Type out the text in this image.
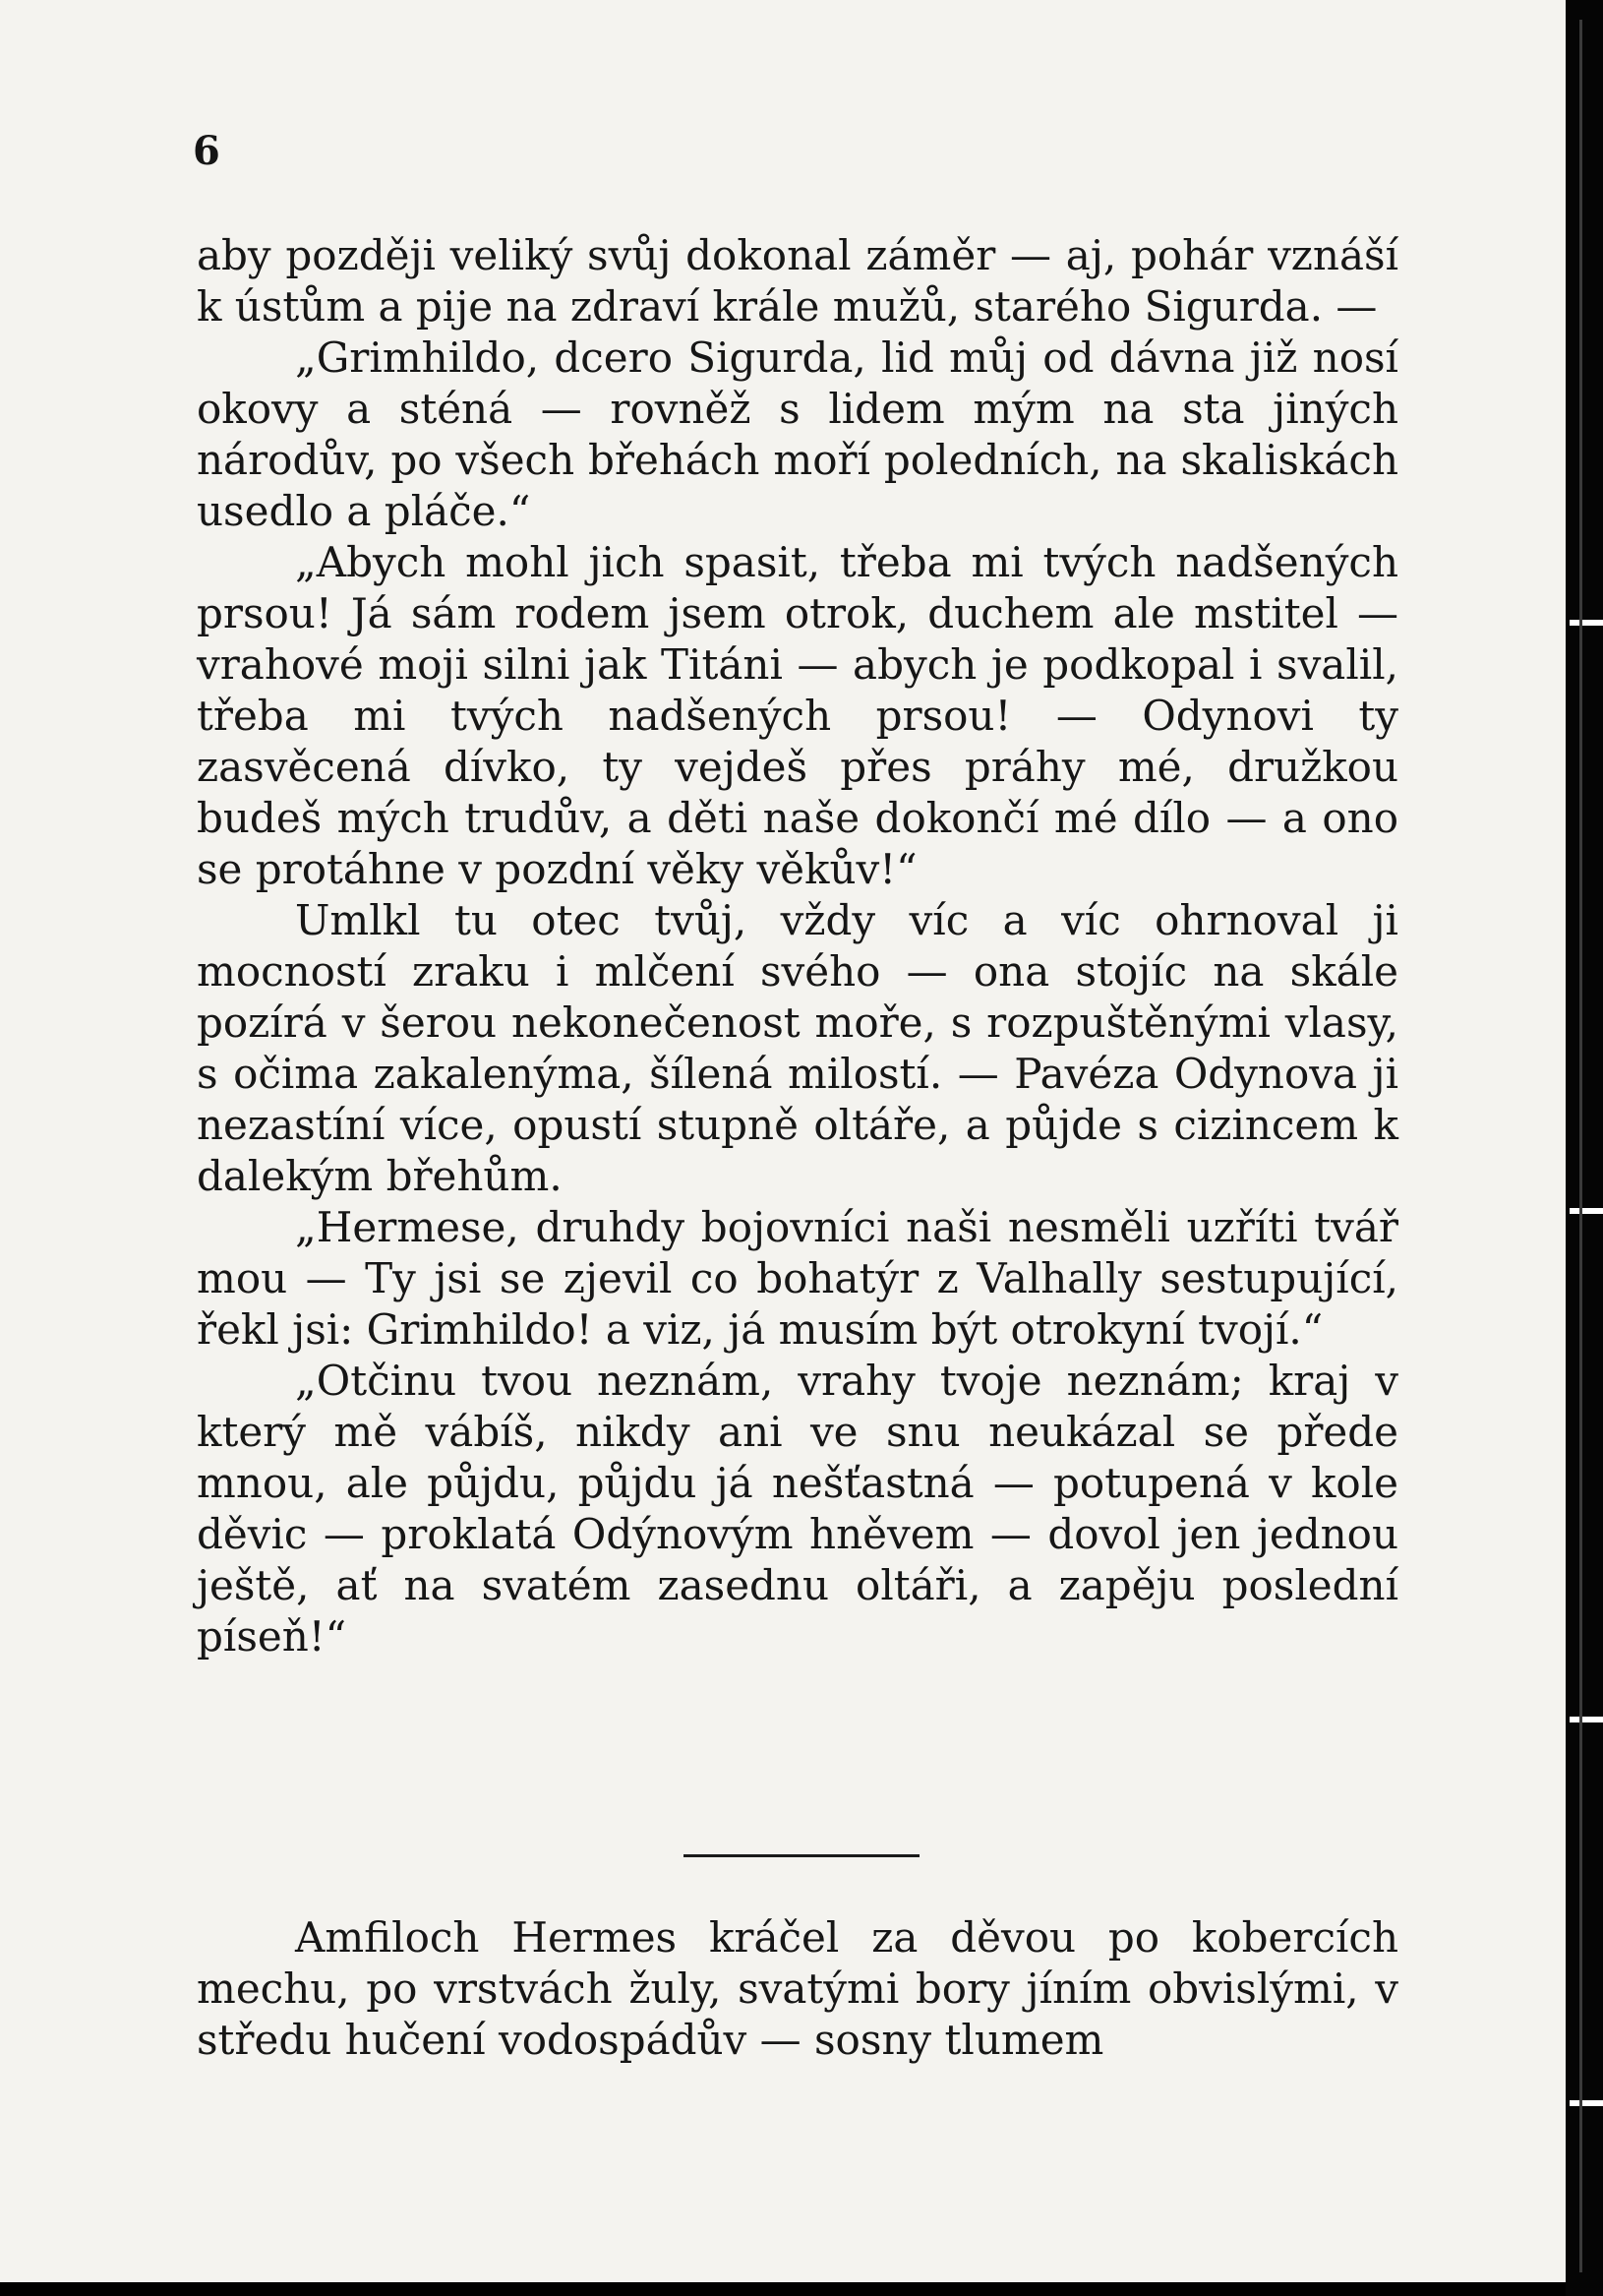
6

aby později veliký svůj dokonal záměr — aj, pohár vznáší k ústům a pije na zdraví krále mužů, starého Sigurda. —

„Grimhildo, dcero Sigurda, lid můj od dávna již nosí okovy a sténá — rovněž s lidem mým na sta jiných národův, po všech břehách moří poledních, na skaliskách usedlo a pláče.“

„Abych mohl jich spasit, třeba mi tvých nadšených prsou! Já sám rodem jsem otrok, duchem ale mstitel — vrahové moji silni jak Titáni — abych je podkopal i svalil, třeba mi tvých nadšených prsou! — Odynovi ty zasvěcená dívko, ty vejdeš přes práhy mé, družkou budeš mých trudův, a děti naše dokončí mé dílo — a ono se protáhne v pozdní věky věkův!“

Umlkl tu otec tvůj, vždy víc a víc ohrnoval ji mocností zraku i mlčení svého — ona stojíc na skále pozírá v šerou nekonečenost moře, s rozpuštěnými vlasy, s očima zakalenýma, šílená milostí. — Pavéza Odynova ji nezastíní více, opustí stupně oltáře, a půjde s cizincem k dalekým břehům.

„Hermese, druhdy bojovníci naši nesměli uzříti tvář mou — Ty jsi se zjevil co bohatýr z Valhally sestupující, řekl jsi: Grimhildo! a viz, já musím být otrokyní tvojí.“

„Otčinu tvou neznám, vrahy tvoje neznám; kraj v který mě vábíš, nikdy ani ve snu neukázal se přede mnou, ale půjdu, půjdu já nešťastná — potupená v kole děvic — proklatá Odýnovým hněvem — dovol jen jednou ještě, ať na svatém zasednu oltáři, a zapěju poslední píseň!“

Amfiloch Hermes kráčel za děvou po kobercích mechu, po vrstvách žuly, svatými bory jíním obvislými, v středu hučení vodospádův — sosny tlumem
